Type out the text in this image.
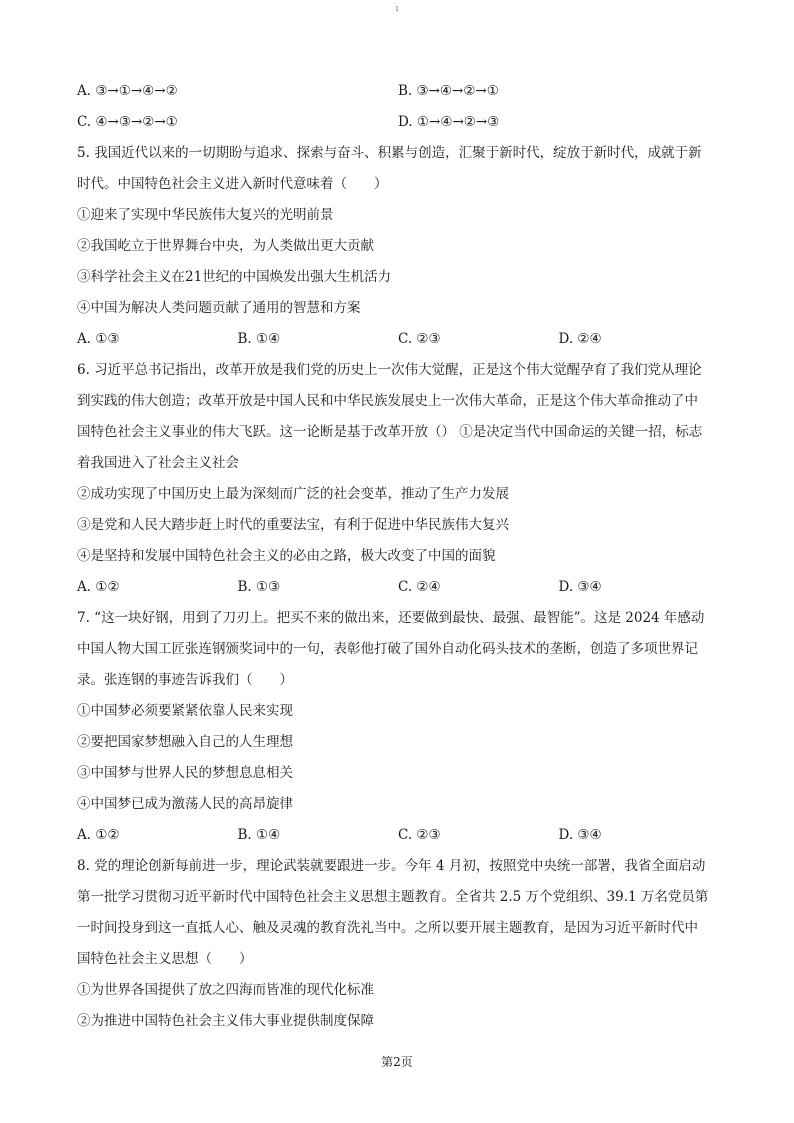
1
A. ③→①→④→②	B. ③→④→②→①
C. ④→③→②→①	D. ①→④→②→③
5. 我国近代以来的一切期盼与追求、探索与奋斗、积累与创造，汇聚于新时代，绽放于新时代，成就于新
时代。中国特色社会主义进入新时代意味着（　　）
①迎来了实现中华民族伟大复兴的光明前景
②我国屹立于世界舞台中央，为人类做出更大贡献
③科学社会主义在21世纪的中国焕发出强大生机活力
④中国为解决人类问题贡献了通用的智慧和方案
A. ①③	B. ①④	C. ②③	D. ②④
6. 习近平总书记指出，改革开放是我们党的历史上一次伟大觉醒，正是这个伟大觉醒孕育了我们党从理论
到实践的伟大创造；改革开放是中国人民和中华民族发展史上一次伟大革命，正是这个伟大革命推动了中
国特色社会主义事业的伟大飞跃。这一论断是基于改革开放（） ①是决定当代中国命运的关键一招，标志
着我国进入了社会主义社会
②成功实现了中国历史上最为深刻而广泛的社会变革，推动了生产力发展
③是党和人民大踏步赶上时代的重要法宝，有利于促进中华民族伟大复兴
④是坚持和发展中国特色社会主义的必由之路，极大改变了中国的面貌
A. ①②	B. ①③	C. ②④	D. ③④
7. “这一块好钢，用到了刀刃上。把买不来的做出来，还要做到最快、最强、最智能”。这是 2024 年感动
中国人物大国工匠张连钢颁奖词中的一句，表彰他打破了国外自动化码头技术的垄断，创造了多项世界记
录。张连钢的事迹告诉我们（　　）
①中国梦必须要紧紧依靠人民来实现
②要把国家梦想融入自己的人生理想
③中国梦与世界人民的梦想息息相关
④中国梦已成为激荡人民的高昂旋律
A. ①②	B. ①④	C. ②③	D. ③④
8. 党的理论创新每前进一步，理论武装就要跟进一步。今年 4 月初，按照党中央统一部署，我省全面启动
第一批学习贯彻习近平新时代中国特色社会主义思想主题教育。全省共 2.5 万个党组织、39.1 万名党员第
一时间投身到这一直抵人心、触及灵魂的教育洗礼当中。之所以要开展主题教育，是因为习近平新时代中
国特色社会主义思想（　　）
①为世界各国提供了放之四海而皆准的现代化标准
②为推进中国特色社会主义伟大事业提供制度保障
第2页
